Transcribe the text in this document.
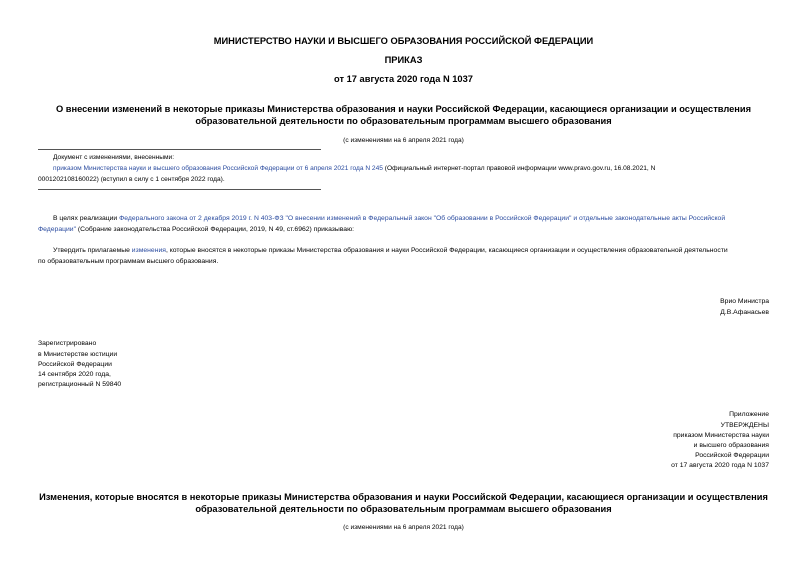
МИНИСТЕРСТВО НАУКИ И ВЫСШЕГО ОБРАЗОВАНИЯ РОССИЙСКОЙ ФЕДЕРАЦИИ
ПРИКАЗ
от 17 августа 2020 года N 1037
О внесении изменений в некоторые приказы Министерства образования и науки Российской Федерации, касающиеся организации и осуществления
образовательной деятельности по образовательным программам высшего образования
(с изменениями на 6 апреля 2021 года)
Документ с изменениями, внесенными:
приказом Министерства науки и высшего образования Российской Федерации от 6 апреля 2021 года N 245 (Официальный интернет-портал правовой информации www.pravo.gov.ru, 16.08.2021, N
0001202108160022) (вступил в силу с 1 сентября 2022 года).
В целях реализации Федерального закона от 2 декабря 2019 г. N 403-ФЗ "О внесении изменений в Федеральный закон "Об образовании в Российской Федерации" и отдельные законодательные акты Российской
Федерации" (Собрание законодательства Российской Федерации, 2019, N 49, ст.6962) приказываю:
Утвердить прилагаемые изменения, которые вносятся в некоторые приказы Министерства образования и науки Российской Федерации, касающиеся организации и осуществления образовательной деятельности
по образовательным программам высшего образования.
Врио Министра
Д.В.Афанасьев
Зарегистрировано
в Министерстве юстиции
Российской Федерации
14 сентября 2020 года,
регистрационный N 59840
Приложение
УТВЕРЖДЕНЫ
приказом Министерства науки
и высшего образования
Российской Федерации
от 17 августа 2020 года N 1037
Изменения, которые вносятся в некоторые приказы Министерства образования и науки Российской Федерации, касающиеся организации и осуществления
образовательной деятельности по образовательным программам высшего образования
(с изменениями на 6 апреля 2021 года)
